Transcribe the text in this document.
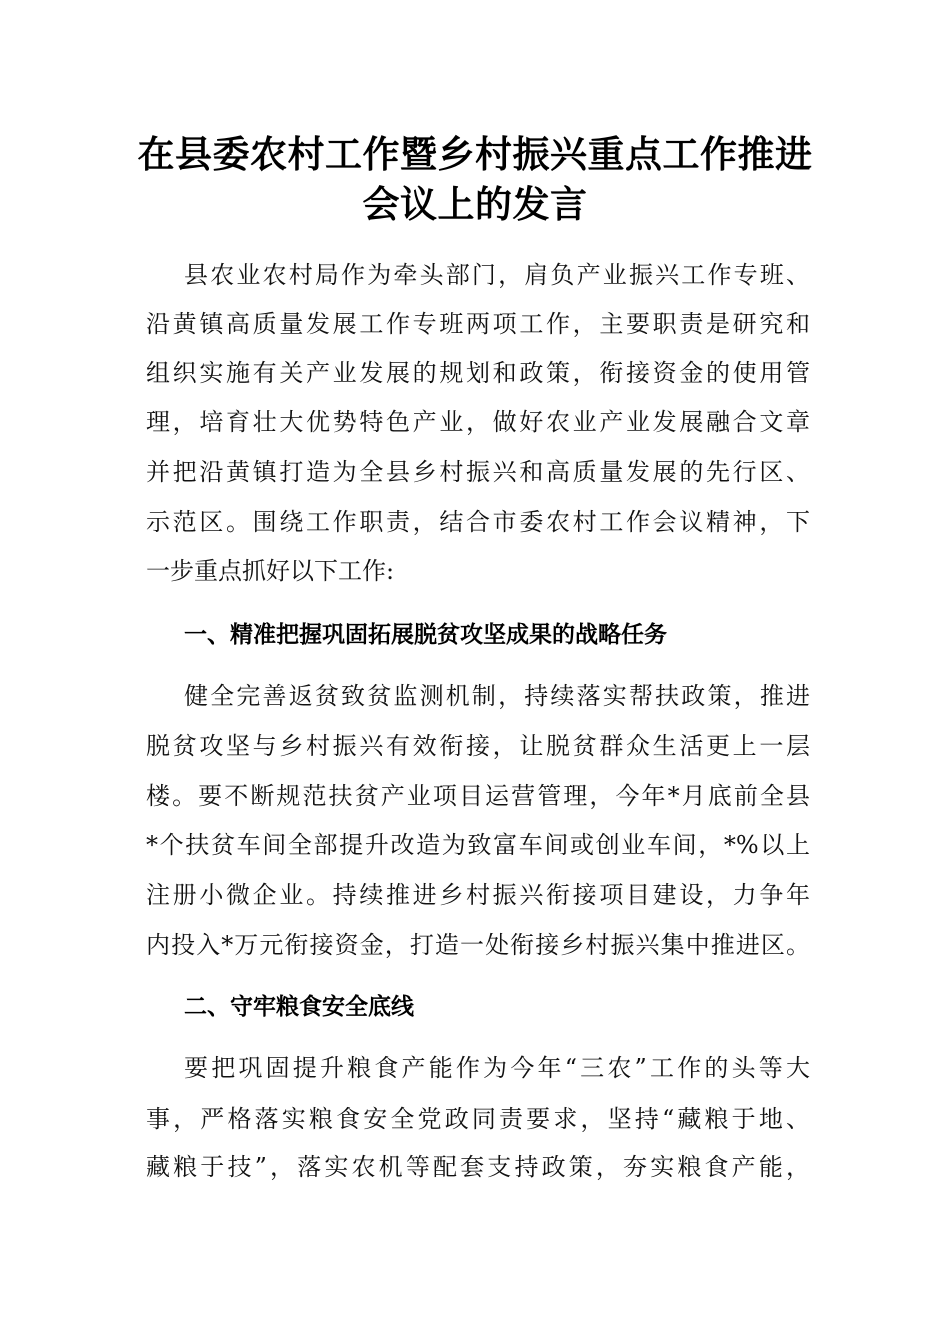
在县委农村工作暨乡村振兴重点工作推进
会议上的发言
县农业农村局作为牵头部门，肩负产业振兴工作专班、
沿黄镇高质量发展工作专班两项工作，主要职责是研究和
组织实施有关产业发展的规划和政策，衔接资金的使用管
理，培育壮大优势特色产业，做好农业产业发展融合文章
并把沿黄镇打造为全县乡村振兴和高质量发展的先行区、
示范区。围绕工作职责，结合市委农村工作会议精神，下
一步重点抓好以下工作:
一、精准把握巩固拓展脱贫攻坚成果的战略任务
健全完善返贫致贫监测机制，持续落实帮扶政策，推进
脱贫攻坚与乡村振兴有效衔接，让脱贫群众生活更上一层
楼。要不断规范扶贫产业项目运营管理，今年*月底前全县
*个扶贫车间全部提升改造为致富车间或创业车间，*%以上
注册小微企业。持续推进乡村振兴衔接项目建设，力争年
内投入*万元衔接资金，打造一处衔接乡村振兴集中推进区。
二、守牢粮食安全底线
要把巩固提升粮食产能作为今年“三农”工作的头等大
事，严格落实粮食安全党政同责要求，坚持“藏粮于地、
藏粮于技”，落实农机等配套支持政策，夯实粮食产能，
